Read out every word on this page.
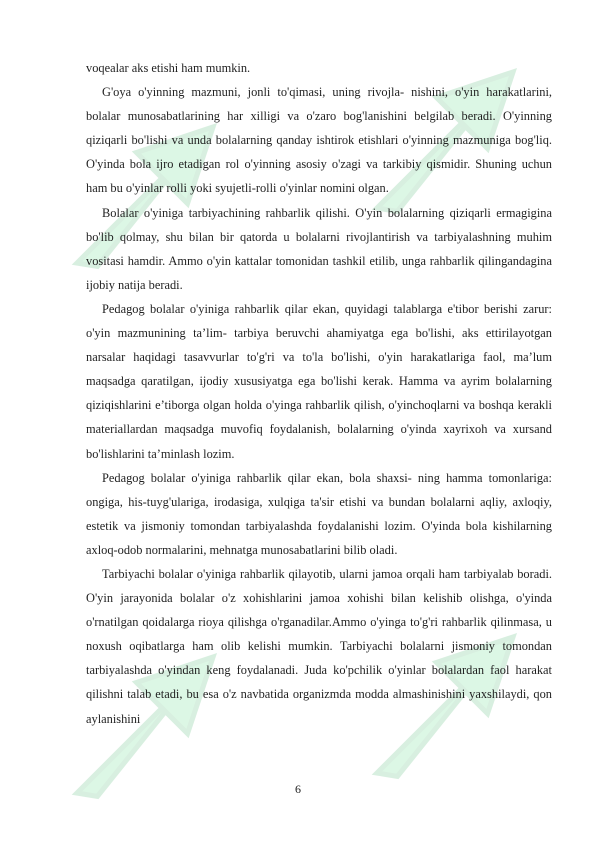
voqealar aks etishi ham mumkin.

G'oya o'yinning mazmuni, jonli to'qimasi, uning rivojla- nishini, o'yin harakatlarini, bolalar munosabatlarining har xilligi va o'zaro bog'lanishini belgilab beradi. O'yinning qiziqarli bo'lishi va unda bolalarning qanday ishtirok etishlari o'yinning mazmuniga bog'liq. O'yinda bola ijro etadigan rol o'yinning asosiy o'zagi va tarkibiy qismidir. Shuning uchun ham bu o'yinlar rolli yoki syujetli-rolli o'yinlar nomini olgan.

Bolalar o'yiniga tarbiyachining rahbarlik qilishi. O'yin bolalarning qiziqarli ermagigina bo'lib qolmay, shu bilan bir qatorda u bolalarni rivojlantirish va tarbiyalashning muhim vositasi hamdir. Ammo o'yin kattalar tomonidan tashkil etilib, unga rahbarlik qilingandagina ijobiy natija beradi.

Pedagog bolalar o'yiniga rahbarlik qilar ekan, quyidagi talablarga e'tibor berishi zarur: o'yin mazmunining ta’lim- tarbiya beruvchi ahamiyatga ega bo'lishi, aks ettirilayotgan narsalar haqidagi tasavvurlar to'g'ri va to'la bo'lishi, o'yin harakatlariga faol, ma’lum maqsadga qaratilgan, ijodiy xususiyatga ega bo'lishi kerak. Hamma va ayrim bolalarning qiziqishlarini e’tiborga olgan holda o'yinga rahbarlik qilish, o'yinchoqlarni va boshqa kerakli materiallardan maqsadga muvofiq foydalanish, bolalarning o'yinda xayrixoh va xursand bo'lishlarini ta’minlash lozim.

Pedagog bolalar o'yiniga rahbarlik qilar ekan, bola shaxsi- ning hamma tomonlariga: ongiga, his-tuyg'ulariga, irodasiga, xulqiga ta'sir etishi va bundan bolalarni aqliy, axloqiy, estetik va jismoniy tomondan tarbiyalashda foydalanishi lozim. O'yinda bola kishilarning axloq-odob normalarini, mehnatga munosabatlarini bilib oladi.

Tarbiyachi bolalar o'yiniga rahbarlik qilayotib, ularni jamoa orqali ham tarbiyalab boradi. O'yin jarayonida bolalar o'z xohishlarini jamoa xohishi bilan kelishib olishga, o'yinda o'rnatilgan qoidalarga rioya qilishga o'rganadilar.Ammo o'yinga to'g'ri rahbarlik qilinmasa, u noxush oqibatlarga ham olib kelishi mumkin. Tarbiyachi bolalarni jismoniy tomondan tarbiyalashda o'yindan keng foydalanadi. Juda ko'pchilik o'yinlar bolalardan faol harakat qilishni talab etadi, bu esa o'z navbatida organizmda modda almashinishini yaxshilaydi, qon aylanishini

6
